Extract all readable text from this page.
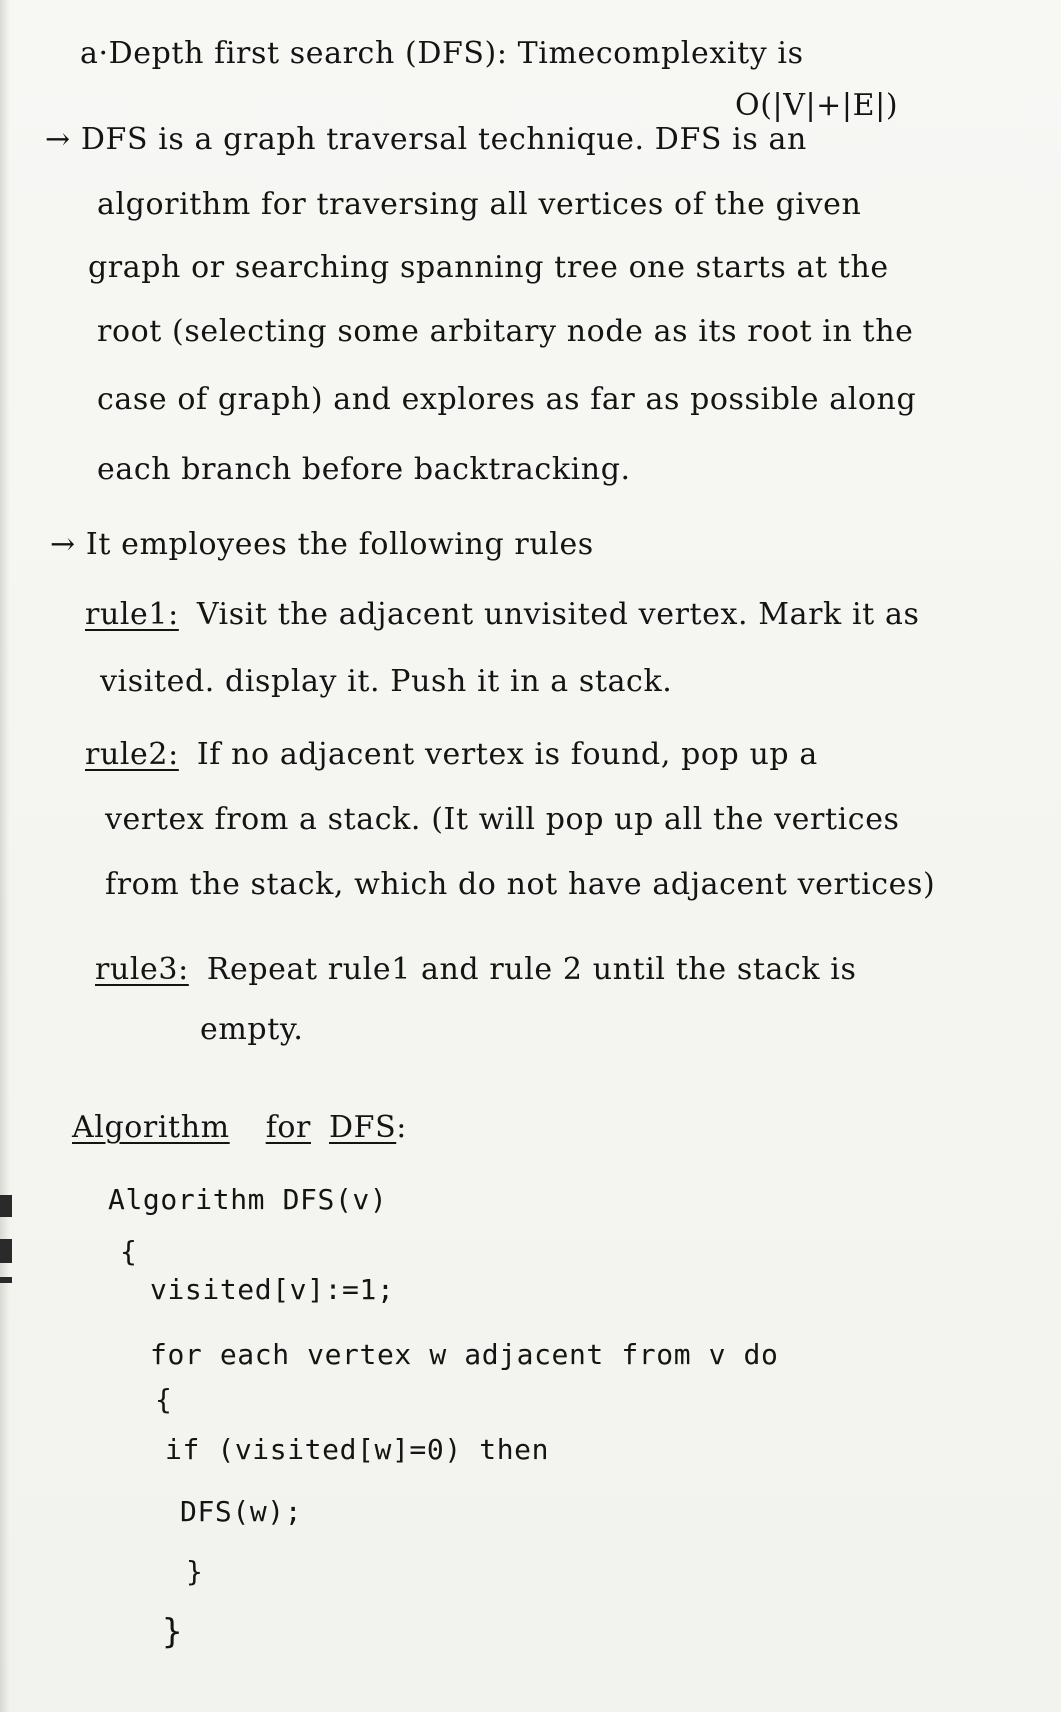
a·Depth first search (DFS): Timecomplexity is
O(|V|+|E|)
→ DFS is a graph traversal technique. DFS is an
algorithm for traversing all vertices of the given
graph or searching spanning tree one starts at the
root (selecting some arbitary node as its root in the
case of graph) and explores as far as possible along
each branch before backtracking.
→ It employees the following rules
rule1: Visit the adjacent unvisited vertex. Mark it as
visited. display it. Push it in a stack.
rule2: If no adjacent vertex is found, pop up a
vertex from a stack. (It will pop up all the vertices
from the stack, which do not have adjacent vertices)
rule3: Repeat rule1 and rule 2 until the stack is
empty.
Algorithm for DFS:
Algorithm DFS(v)
{
visited[v]:=1;
for each vertex w adjacent from v do
{
if (visited[w]=0) then
DFS(w);
}
}
